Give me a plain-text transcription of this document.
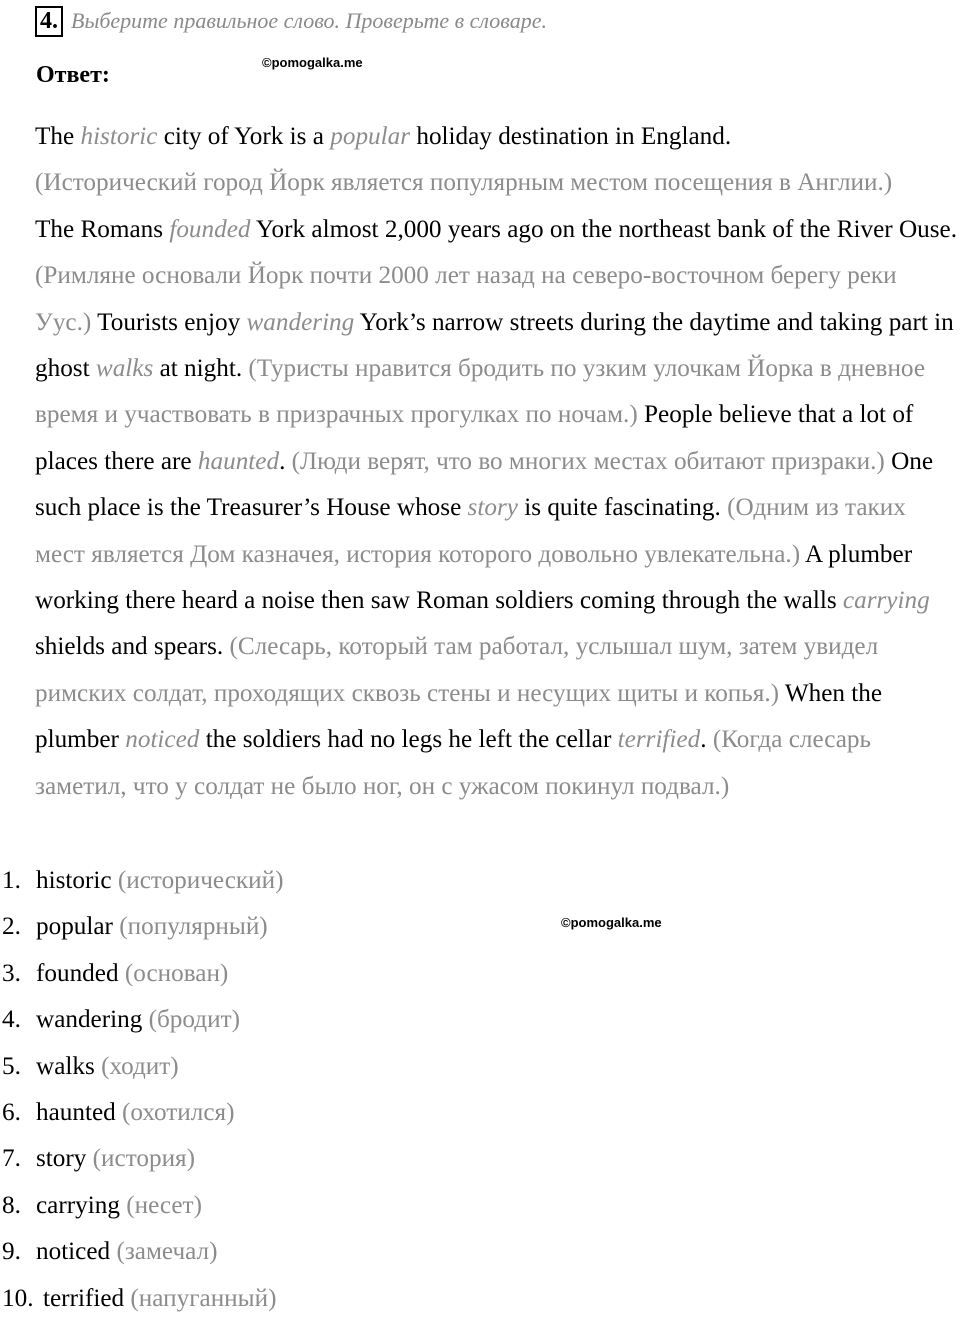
4. Выберите правильное слово. Проверьте в словаре.
Ответ:	©pomogalka.me
The historic city of York is a popular holiday destination in England.
(Исторический город Йорк является популярным местом посещения в Англии.)
The Romans founded York almost 2,000 years ago on the northeast bank of the River Ouse. (Римляне основали Йорк почти 2000 лет назад на северо-восточном берегу реки Уус.) Tourists enjoy wandering York’s narrow streets during the daytime and taking part in ghost walks at night. (Туристы нравится бродить по узким улочкам Йорка в дневное время и участвовать в призрачных прогулках по ночам.) People believe that a lot of places there are haunted. (Люди верят, что во многих местах обитают призраки.) One such place is the Treasurer’s House whose story is quite fascinating. (Одним из таких мест является Дом казначея, история которого довольно увлекательна.) A plumber working there heard a noise then saw Roman soldiers coming through the walls carrying shields and spears. (Слесарь, который там работал, услышал шум, затем увидел римских солдат, проходящих сквозь стены и несущих щиты и копья.) When the plumber noticed the soldiers had no legs he left the cellar terrified. (Когда слесарь заметил, что у солдат не было ног, он с ужасом покинул подвал.)
1. historic (исторический)
2. popular (популярный)
3. founded (основан)
4. wandering (бродит)
5. walks (ходит)
6. haunted (охотился)
7. story (история)
8. carrying (несет)
9. noticed (замечал)
10. terrified (напуганный)
©pomogalka.me
